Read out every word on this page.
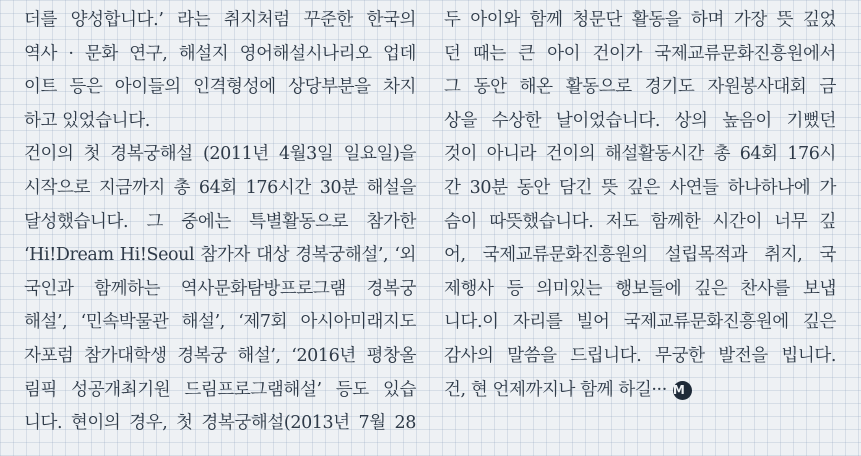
더를 양성합니다.’ 라는 취지처럼 꾸준한 한국의
역사 · 문화 연구, 해설지 영어해설시나리오 업데
이트 등은 아이들의 인격형성에 상당부분을 차지
하고 있었습니다.
건이의 첫 경복궁해설 (2011년 4월3일 일요일)을
시작으로 지금까지 총 64회 176시간 30분 해설을
달성했습니다. 그 중에는 특별활동으로 참가한
‘Hi!Dream Hi!Seoul 참가자 대상 경복궁해설’, ‘외
국인과 함께하는 역사문화탐방프로그램 경복궁
해설’, ‘민속박물관 해설’, ‘제7회 아시아미래지도
자포럼 참가대학생 경복궁 해설’, ‘2016년 평창올
림픽 성공개최기원 드림프로그램해설’ 등도 있습
니다. 현이의 경우, 첫 경복궁해설(2013년 7월 28
두 아이와 함께 청문단 활동을 하며 가장 뜻 깊었
던 때는 큰 아이 건이가 국제교류문화진흥원에서
그 동안 해온 활동으로 경기도 자원봉사대회 금
상을 수상한 날이었습니다. 상의 높음이 기뻤던
것이 아니라 건이의 해설활동시간 총 64회 176시
간 30분 동안 담긴 뜻 깊은 사연들 하나하나에 가
슴이 따뜻했습니다. 저도 함께한 시간이 너무 깊
어, 국제교류문화진흥원의 설립목적과 취지, 국
제행사 등 의미있는 행보들에 깊은 찬사를 보냅
니다.이 자리를 빌어 국제교류문화진흥원에 깊은
감사의 말씀을 드립니다. 무궁한 발전을 빕니다.
건, 현 언제까지나 함께 하길··· M
